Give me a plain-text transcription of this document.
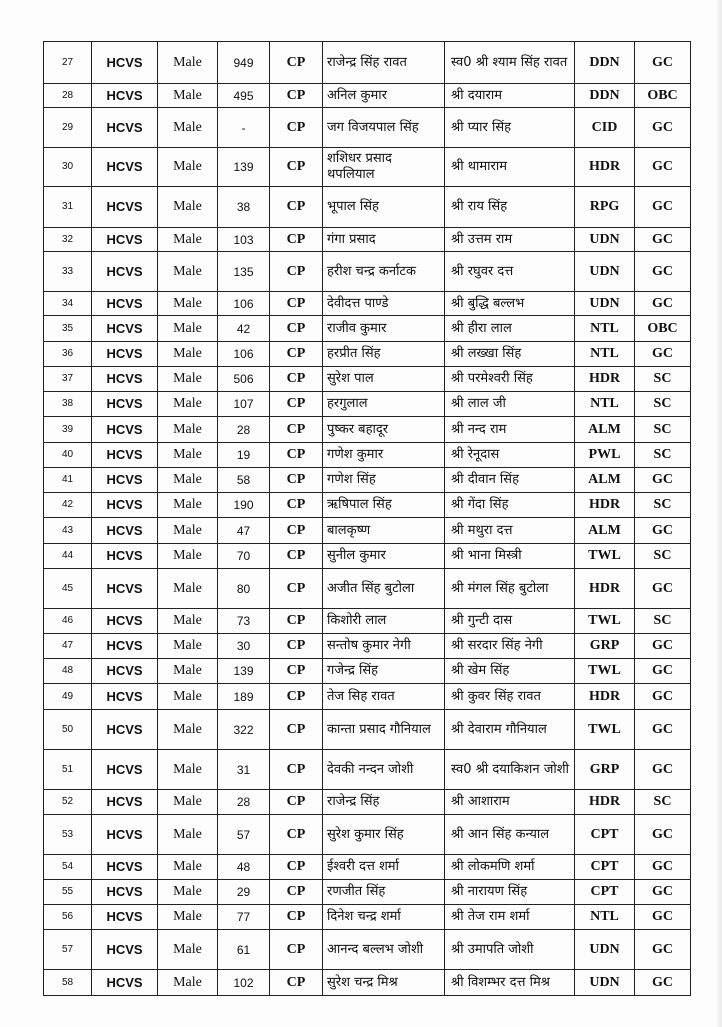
27	HCVS	Male	949	CP	राजेन्द्र सिंह रावत	स्व0 श्री श्याम सिंह रावत	DDN	GC
28	HCVS	Male	495	CP	अनिल कुमार	श्री दयाराम	DDN	OBC
29	HCVS	Male	-	CP	जग विजयपाल सिंह	श्री प्यार सिंह	CID	GC
30	HCVS	Male	139	CP	शशिधर प्रसाद थपलियाल	श्री थामाराम	HDR	GC
31	HCVS	Male	38	CP	भूपाल सिंह	श्री राय सिंह	RPG	GC
32	HCVS	Male	103	CP	गंगा प्रसाद	श्री उत्तम राम	UDN	GC
33	HCVS	Male	135	CP	हरीश चन्द्र कर्नाटक	श्री रघुवर दत्त	UDN	GC
34	HCVS	Male	106	CP	देवीदत्त पाण्डे	श्री बुद्धि बल्लभ	UDN	GC
35	HCVS	Male	42	CP	राजीव कुमार	श्री हीरा लाल	NTL	OBC
36	HCVS	Male	106	CP	हरप्रीत सिंह	श्री लख्खा सिंह	NTL	GC
37	HCVS	Male	506	CP	सुरेश पाल	श्री परमेश्वरी सिंह	HDR	SC
38	HCVS	Male	107	CP	हरगुलाल	श्री लाल जी	NTL	SC
39	HCVS	Male	28	CP	पुष्कर बहादूर	श्री नन्द राम	ALM	SC
40	HCVS	Male	19	CP	गणेश कुमार	श्री रेनूदास	PWL	SC
41	HCVS	Male	58	CP	गणेश सिंह	श्री दीवान सिंह	ALM	GC
42	HCVS	Male	190	CP	ऋषिपाल सिंह	श्री गेंदा सिंह	HDR	SC
43	HCVS	Male	47	CP	बालकृष्ण	श्री मथुरा दत्त	ALM	GC
44	HCVS	Male	70	CP	सुनील कुमार	श्री भाना मिस्त्री	TWL	SC
45	HCVS	Male	80	CP	अजीत सिंह बुटोला	श्री मंगल सिंह बुटोला	HDR	GC
46	HCVS	Male	73	CP	किशोरी लाल	श्री गुन्टी दास	TWL	SC
47	HCVS	Male	30	CP	सन्तोष कुमार नेगी	श्री सरदार सिंह नेगी	GRP	GC
48	HCVS	Male	139	CP	गजेन्द्र सिंह	श्री खेम सिंह	TWL	GC
49	HCVS	Male	189	CP	तेज सिह रावत	श्री कुवर सिंह रावत	HDR	GC
50	HCVS	Male	322	CP	कान्ता प्रसाद गौनियाल	श्री देवाराम गौनियाल	TWL	GC
51	HCVS	Male	31	CP	देवकी नन्दन जोशी	स्व0 श्री दयाकिशन जोशी	GRP	GC
52	HCVS	Male	28	CP	राजेन्द्र सिंह	श्री आशाराम	HDR	SC
53	HCVS	Male	57	CP	सुरेश कुमार सिंह	श्री आन सिंह कन्याल	CPT	GC
54	HCVS	Male	48	CP	ईश्वरी दत्त शर्मा	श्री लोकमणि शर्मा	CPT	GC
55	HCVS	Male	29	CP	रणजीत सिंह	श्री नारायण सिंह	CPT	GC
56	HCVS	Male	77	CP	दिनेश चन्द्र शर्मा	श्री तेज राम शर्मा	NTL	GC
57	HCVS	Male	61	CP	आनन्द बल्लभ जोशी	श्री उमापति जोशी	UDN	GC
58	HCVS	Male	102	CP	सुरेश चन्द्र मिश्र	श्री विशम्भर दत्त मिश्र	UDN	GC
